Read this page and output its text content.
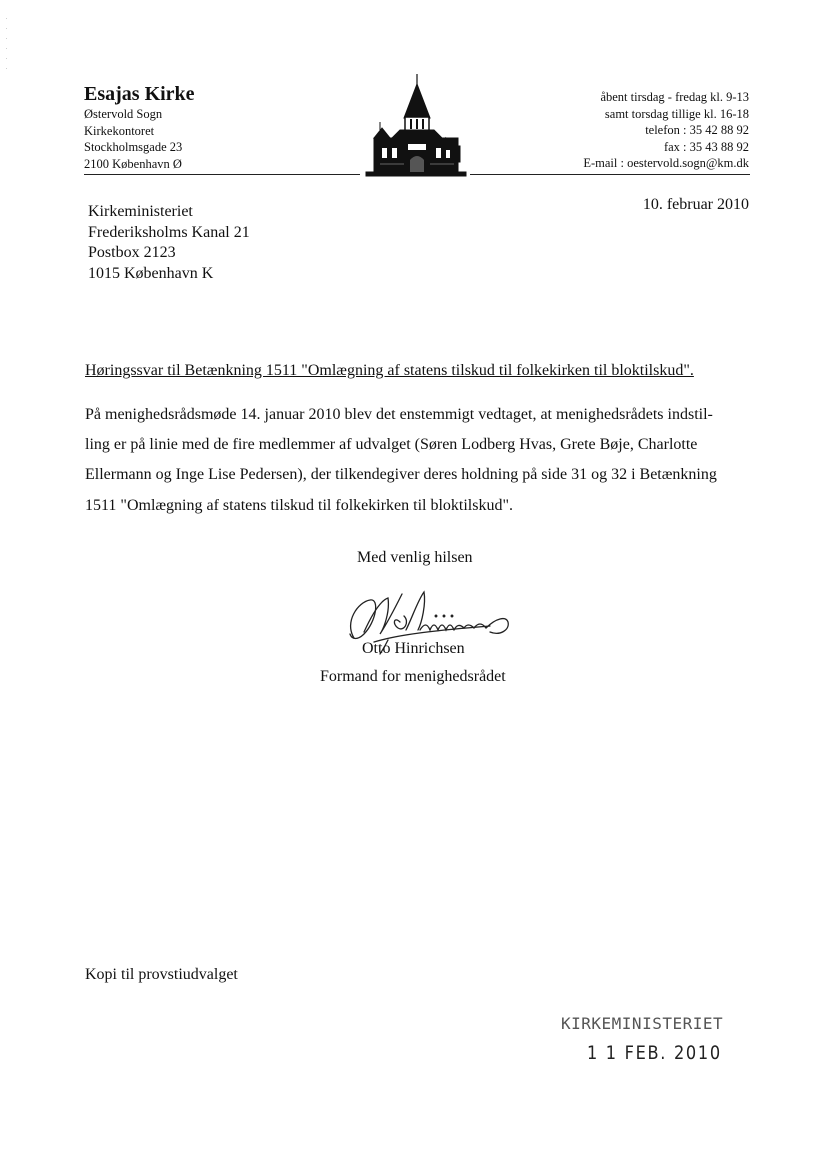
Esajas Kirke
Østervold Sogn
Kirkekontoret
Stockholmsgade 23
2100 København Ø
åbent tirsdag - fredag kl. 9-13
samt torsdag tillige kl. 16-18
telefon : 35 42 88 92
fax : 35 43 88 92
E-mail : oestervold.sogn@km.dk
10. februar 2010
Kirkeministeriet
Frederiksholms Kanal 21
Postbox 2123
1015 København K
Høringssvar til Betænkning 1511 "Omlægning af statens tilskud til folkekirken til bloktilskud".
På menighedsrådsmøde 14. januar 2010 blev det enstemmigt vedtaget, at menighedsrådets indstil-
ling er på linie med de fire medlemmer af udvalget (Søren Lodberg Hvas, Grete Bøje, Charlotte
Ellermann og Inge Lise Pedersen), der tilkendegiver deres holdning på side 31 og 32 i Betænkning
1511 "Omlægning af statens tilskud til folkekirken til bloktilskud".
Med venlig hilsen
Otto Hinrichsen
Formand for menighedsrådet
Kopi til provstiudvalget
KIRKEMINISTERIET
1 1 FEB. 2010
